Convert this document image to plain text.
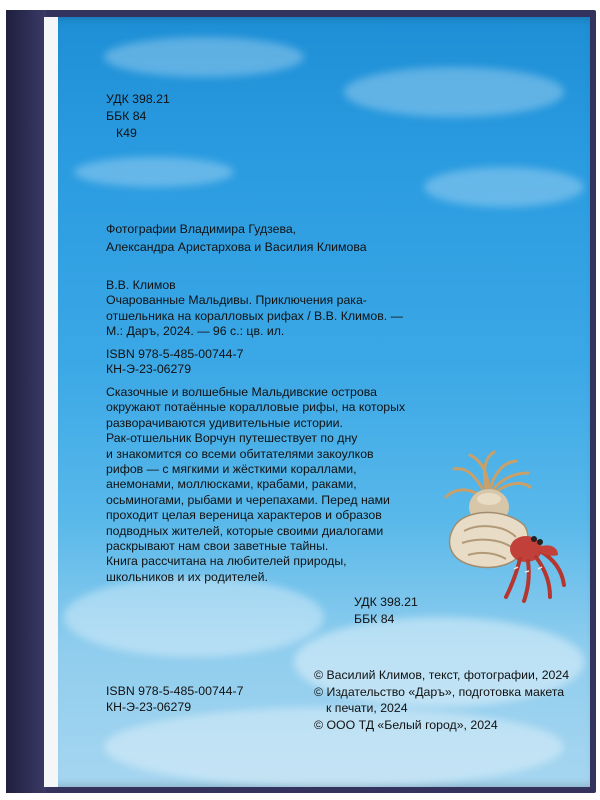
УДК 398.21
ББК 84
К49
Фотографии Владимира Гудзева,
Александра Аристархова и Василия Климова
В.В. Климов
Очарованные Мальдивы. Приключения рака-
отшельника на коралловых рифах / В.В. Климов. —
М.: Даръ, 2024. — 96 с.: цв. ил.
ISBN 978-5-485-00744-7
КН-Э-23-06279
Сказочные и волшебные Мальдивские острова
окружают потаённые коралловые рифы, на которых
разворачиваются удивительные истории.
Рак-отшельник Ворчун путешествует по дну
и знакомится со всеми обитателями закоулков
рифов — с мягкими и жёсткими кораллами,
анемонами, моллюсками, крабами, раками,
осьминогами, рыбами и черепахами. Перед нами
проходит целая вереница характеров и образов
подводных жителей, которые своими диалогами
раскрывают нам свои заветные тайны.
Книга рассчитана на любителей природы,
школьников и их родителей.
УДК 398.21
ББК 84
ISBN 978-5-485-00744-7
КН-Э-23-06279
© Василий Климов, текст, фотографии, 2024
© Издательство «Даръ», подготовка макета
к печати, 2024
© ООО ТД «Белый город», 2024
